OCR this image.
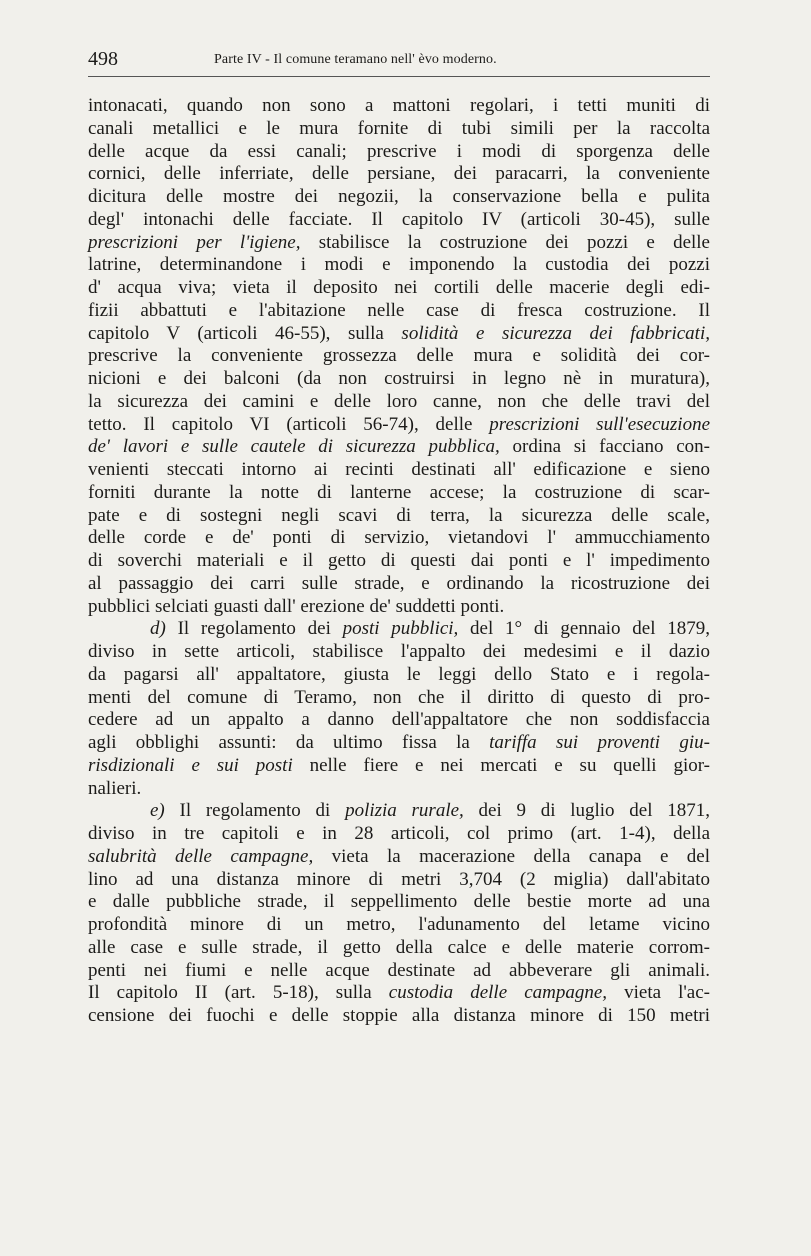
498	Parte IV - Il comune teramano nell' èvo moderno.
intonacati, quando non sono a mattoni regolari, i tetti muniti di
canali metallici e le mura fornite di tubi simili per la raccolta
delle acque da essi canali; prescrive i modi di sporgenza delle
cornici, delle inferriate, delle persiane, dei paracarri, la conveniente
dicitura delle mostre dei negozii, la conservazione bella e pulita
degl' intonachi delle facciate. Il capitolo IV (articoli 30-45), sulle
prescrizioni per l'igiene, stabilisce la costruzione dei pozzi e delle
latrine, determinandone i modi e imponendo la custodia dei pozzi
d' acqua viva; vieta il deposito nei cortili delle macerie degli edi-
fizii abbattuti e l'abitazione nelle case di fresca costruzione. Il
capitolo V (articoli 46-55), sulla solidità e sicurezza dei fabbricati,
prescrive la conveniente grossezza delle mura e solidità dei cor-
nicioni e dei balconi (da non costruirsi in legno nè in muratura),
la sicurezza dei camini e delle loro canne, non che delle travi del
tetto. Il capitolo VI (articoli 56-74), delle prescrizioni sull'esecuzione
de' lavori e sulle cautele di sicurezza pubblica, ordina si facciano con-
venienti steccati intorno ai recinti destinati all' edificazione e sieno
forniti durante la notte di lanterne accese; la costruzione di scar-
pate e di sostegni negli scavi di terra, la sicurezza delle scale,
delle corde e de' ponti di servizio, vietandovi l' ammucchiamento
di soverchi materiali e il getto di questi dai ponti e l' impedimento
al passaggio dei carri sulle strade, e ordinando la ricostruzione dei
pubblici selciati guasti dall' erezione de' suddetti ponti.
d) Il regolamento dei posti pubblici, del 1° di gennaio del 1879,
diviso in sette articoli, stabilisce l'appalto dei medesimi e il dazio
da pagarsi all' appaltatore, giusta le leggi dello Stato e i regola-
menti del comune di Teramo, non che il diritto di questo di pro-
cedere ad un appalto a danno dell'appaltatore che non soddisfaccia
agli obblighi assunti: da ultimo fissa la tariffa sui proventi giu-
risdizionali e sui posti nelle fiere e nei mercati e su quelli gior-
nalieri.
e) Il regolamento di polizia rurale, dei 9 di luglio del 1871,
diviso in tre capitoli e in 28 articoli, col primo (art. 1-4), della
salubrità delle campagne, vieta la macerazione della canapa e del
lino ad una distanza minore di metri 3,704 (2 miglia) dall'abitato
e dalle pubbliche strade, il seppellimento delle bestie morte ad una
profondità minore di un metro, l'adunamento del letame vicino
alle case e sulle strade, il getto della calce e delle materie corrom-
penti nei fiumi e nelle acque destinate ad abbeverare gli animali.
Il capitolo II (art. 5-18), sulla custodia delle campagne, vieta l'ac-
censione dei fuochi e delle stoppie alla distanza minore di 150 metri
